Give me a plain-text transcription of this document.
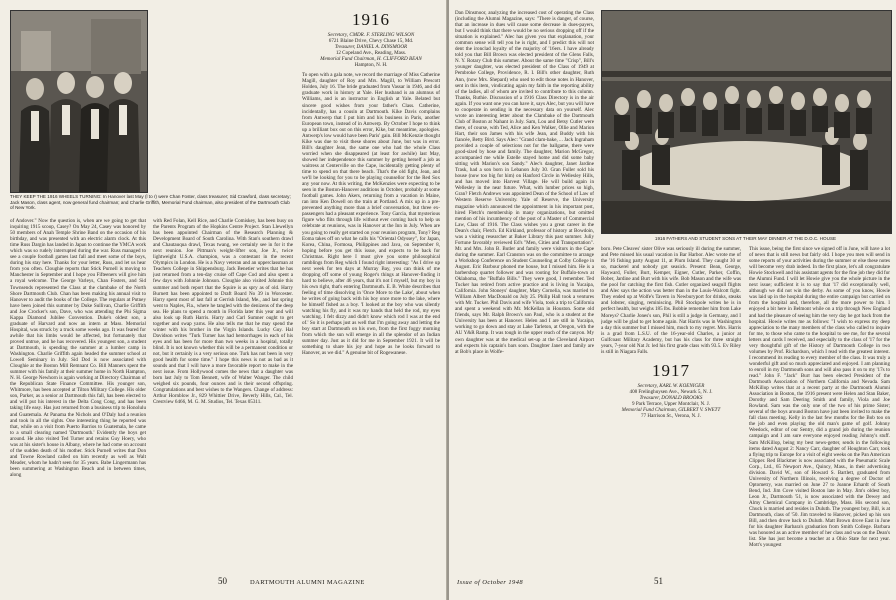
THEY KEEP THE 1916 WHEELS TURNING: In Hanover last May (l to r) were Chan Foster, class treasurer; Sid Crawford, class secretary; Jack Mason, class agent, now general fund chairman; and Charlie Griffith, Memorial Fund chairman, also president of the Dartmouth Club of New York.
of Andover." Now the question is, when are we going to get that inquiring 1915 scoop, Casey? On May 24, Casey was honored by 50 members of Anah Temple Shrine Band on the occasion of his birthday, and was presented with an electric alarm clock. At this time Russ Dargin has landed in Japan to continue the YMCA work which was so rudely interrupted during the war. Russ managed to see a couple football games last fall and meet some of the boys, during his stay here. Thanks for your letter, Russ, and let us hear from you often. Cloughie reports that Stick Purnell is moving to Manchester in September and I hope you Fifteeners will give him a royal welcome. The George Varleys, Chan Fosters, and Sid Townsends represented the Class at the clambake of the North Shore Dartmouth Club. Chan has been making his annual visit to Hanover to audit the books of the College. The regulars at Putney have been joined this summer by Duke Sullivan, Charlie Griffith and Joe Crocker's son, Dave, who was attending the Phi Sigma Kappa Diamond Jubilee Convention. Duke's oldest son, a graduate of Harvard and now an intern at Mass. Memorial Hospital, was struck by a truck some weeks ago. It was feared for awhile that his limbs would be affected, but fortunately that proved untrue, and he has recovered. His youngest son, a student at Dartmouth, is spending the summer at a lumber camp in Washington. Charlie Griffith again headed the summer school at Lowell Seminary in July. Sid Dod is now associated with Cloughie at the Boston Mill Remnant Co. Bill Manners spent the summer with his family at their summer home in North Hampton, N. H. George Newhorn is again working at Directory Chairman of the Republican State Finance Committee. His younger son, Whitmore, has been accepted at Tilton Military College. His older son, Parker, as a senior at Dartmouth this fall, has been elected to and will put his interest in the Delta Cong Cong, and has been taking life easy. Has just returned from a business trip to Honolulu and Guatemala. At Panama the Nichols and O'Daly had a reunion and took in all the sights. One interesting thing he reported was that, while on a visit from Puerto Barrios to Guatemala, he came to a small clearing named 'Dartmouth.' Evidently the boys get around. He also visited Ted Turner and retains Guy Hoery, who was at his sister's house in Albany, where he had come on account of the sudden death of his mother. Stick Purnell writes that Don and Towne Rowland called on him recently as well as Walt Meader, whom he hadn't seen for 35 years. Babe Lingermann has been summering at Washington Beach and in between times, along
with Red Folan, Kell Rice, and Charlie Comiskey, has been busy on the Parents Program of the Hopkins Centre Project. Stan Llewellyn has been appointed Chairman of the Research Planning & Development Board of South Carolina. With Stan's southern drawl and Chautauqua drawl, Texas twang, we certainly see in for it the next reunion. Joe Pittman's weight-lifter son, Joe Jr., twice lightweight U.S.A. champion, was a contestant in the recent Olympics in London. He is a Navy veteran and an upperclassman at Teachers College in Shippensburg. Jack Benetier writes that he has just returned from a ten-day cruise off Cape Cod and also spent a few days with Johnnie Johnson. Cloughie also visited Johnnie this summer and both report that the Squire is as spry as of old. Harry Burnett has been appointed to Draft Board No 39 in Worcester. Harry spent most of last fall at Gerrish Island, Me., and last spring went to Naples, Fla., where he tangled with the denizens of the deep sea. He plans to spend a month in Florida later this year and will also look up Ruth Harris. Harry and Carl Sumner ought to get together and swap yarns. He also tells me that he may spend the winter with his brother in the Virgin Islands. Lucky Guy. Hal Davidson writes "Turk Turner has had hemorrhages in each of his eyes and has been for more than two weeks in a hospital, totally blind. It is not known whether this will be a permanent condition or not, but it certainly is a very serious one. Turk has not been in very good health for some time." I hope this news is not as bad as it sounds and that I will have a more favorable report to make in the next issue. From Hollywood comes the news that a daughter was born last July to Tom Bennett, wife of Walter Wanger. The child weighed six pounds, four ounces and is their second offspring. Congratulations and best wishes to the Wangers. Change of address: Arthur Hornblow Jr., 829 Whittier Drive, Beverly Hills, Cal., Tel. Crestview 6466, M. G. M. Studios, Tel. Texas 05311.
1916
Secretary, CMDR. F. STERLING WILSON
6721 Blaine Drive, Chevy Chase 15, Md.
Treasurer, DANIEL A. DINSMOOR
12 Copeland Ave., Reading, Mass.
Memorial Fund Chairman, H. CLIFFORD BEAN
Hampton, N. H.
To open with a gala note, we record the marriage of Miss Catherine Magill, daughter of Roy and Mrs. Magill, to William Prescott Holden, July 16. The bride graduated from Vassar in 1946, and did graduate work in history at Yale. Her husband is an alumnus of Williams, and is an instructor in English at Yale. Belated but sincere good wishes from your father's Class. Catherine, incidentally, has a cousin at Dartmouth. Kike Davis complains from Antwerp that I put him and his business in Paris, another European town, instead of in Antwerp. By October I hope to think up a brilliant box out on this error, Kike, but meantime, apologies. Antwerp's low would have been Paris' gain. Bill McKenzie thought Kike was due to visit these shores about June, but was in error. Bill's daughter Jean, the same one who had the whole Class worried when she disappeared (at least for awhile) last May, showed her independence this summer by getting herself a job as waitress at Centerville on the Cape, incidentally getting plenty of time to spend on that there beach. That's the old fight, Jean, and we'll be looking for you to be playing counsellor for the Red Sox any year now. At this writing, the McKenzies were expecting to be seen in the Boston-Hanover auditions in October, probably at some football games. John Akers, returning from a vacation in Maine, ran into Ken Dowell on the train at Portland. A mix up in a pre-prevented anything more than a brief conversation, but three ex-passengers had a pleasant experience. Tony Garcia, that mysterious figure who flits through life without ever coming back to help us celebrate at reunions, was in Hanover at the Inn in July. When are you going to really get started on your reunion program, Tony? Reg Eoma takes off on what he calls his "Oriental Odyssey", for Japan, Korea, China, Formosa, Philippines and Java, on September 8, hoping before you get this issue, and expects to be back for Christmas. Right here I must give you some philosophical ramblings from Reg which I found right interesting: "As I drive up next week for ten days at Murray Bay, you can think of me dropping off some of young Roger's things at Hanover-finding it hard to believe, after 46 years, that it's not I myself, but my boy in his own right, that's entering Dartmouth. E. B. White describes that feeling of time dissolving in 'Once More to the Lake', about when he writes of going back with his boy once more to the lake, where he himself fished as a boy. 'I looked at the boy who was silently watching his fly, and it was my hands that held the rod, my eyes watching. I felt dizzy and didn't know which rod I was at the end of.' So it is perhaps just as well that I'm going away and letting the boy start at Dartmouth on his own, from the first foggy morning from which the sun will emerge in all the splendor of an Indian summer day. Just as it did for me in September 1921. It will be something to share his joy and hope as he looks forward to Hanover, as we did." A genuine bit of Rogewanese.
50	DARTMOUTH ALUMNI MAGAZINE
Dan Dinsmoor, analyzing the increased cost of operating the Class (including the Alumni Magazine, says: "There is danger, of course, that an increase in dues will cause some decrease in dues-payers, but I would think that there would be no serious dropping off if the situation is explained." Alec has given you that explanation, your common sense will tell you he is right, and I predict this will not dent the ironclad loyalty of the majority of '16ers. I have already told you that Bill Brown was elected president of the Glens Falls, N. Y. Rotary Club this summer. About the same time "Crisp", Bill's younger daughter, was elected president of the Class of 1949 at Pembroke College, Providence, R. I. Bill's other daughter, Ruth Ann, (now Mrs. Shepard) who used to edit those notes in Hanover, sent in this item, vindicating again my faith in the reporting ability of the ladies, all of whom are invited to contribute to this column. Thanks, Ruthie. Discussion of a 1916 Class Directory is in the air again. If you want one you can have it, says Alec, but you will have to cooperate in sending in the necessary data on yourself. Alec wrote an interesting letter about the Clambake of the Dartmouth Club of Boston at Nahant in July. Sam, Lou and Betsy Cutler were there, of course, with Ted, Alice and Ken Walker, Ollie and Marion Hart, their son James with his wife Jean, and Buddy with his fiancée, Betty Bird. Says Alec: "Grand clam-bake, ... Jack Ingraham provided a couple of selections not for the ballgame, there were good-sized by hose and family. The daughter, Marion McGregor, accompanied me while Estelle stayed home and did some baby sitting with Marion's son Sandy." Alec's daughter, Janet Jardine Trask, had a son born in Lebanon July 30. Gran Fuller sold his house (now too big for him) on Hanford Circle in Wellesley Hills, and has moved into Harvest Village. He will build again in Wellesley in the near future. What, with lumber prices so high, Gran? Fletch Andrews was appointed Dean of the School of Law of Western Reserve University. Yale of Reserve, the University magazine which announced the appointment in his important post, hired Fletch's membership in many organizations, but omitted mention of his incumbency of the post of a Master of Commercial Law, Class of 1916. The Class wishes you a great career in the Dean's chair, Fletch. Ed Kirkland, professor of history at Bowdoin, was a visiting researcher at Baker Library this past summer. Juliy Fortune favorably reviewed Ed's "Men, Cities and Transportation". Mr. and Mrs. John B. Butler and family were visitors in the Cape during the summer. Earl Cranston was on the committee to arrange a Workshop Conference on Student Counseling at Colby College in August. Eric Barbour phoned me house, but I missed him. He is a barbershop quartet follower and was rooting for Buffalo-town at Oklahoma, the "Buffalo Bills." They were good, I remember. Ted Tucker has retired from active practice and is living in Yucaipa, California. John Stoneys' daughter, Mary Cornelia, was married to William Albert MacDonald on July 25. Philip Hall took a ventures with Mr. Tucker. Phil Davis and wife Viola, took a trip to California and spent a weekend with Mr. McKellan in Houston. Some old friends, says Mr. Ralph Brown's son Paul, who is a student at the University has been at Hanover. Helen and I are still in Yucaipa, working to go down and stay at Lake Tarleton, at Oregon, with the AU Y&R Ramp. It was tough in the upper reach of the canyon. My own daughter was at the medical set-up at the Cleveland Airport and expects his captain's bars soon. Daughter Janet and family are at Bob's place in Wolfe-
1916 FATHERS AND STUDENT SONS AT THEIR MAY DINNER AT THE D.O.C. HOUSE
boro. Pete Cleaves' sister Olive was seriously ill during the summer, and Pete missed his usual vacation in Bar Harbor. Alec wrote me of the '16 fishing party August 11, at Plum Island. They caught 30 or so, mackerel and nobody got seasick. Present: Bean, George, Hayward, Fuller, Burt, Kemper, Eigner, Cutler, Parker, Coffin, Bober, Jardine and Burt with his wife. Bob Mason and the wife was the pool for catching the first fish. Cutler organized seagull flights and Alec says the action was better than in the Louis-Walcott fight. They ended up at Wolfe's Tavern in Newburyport for drinks, steaks and lobster, singing, reminiscing. Phil Stockpole writes he is in perfect health, but weighs 185 lbs. Bobbie remember him from Lake Moreys? Charlie Jones's son, Phil is still a judge in Germany, and I judge will be glad to get home again. Nat Harris was in Washington a day this summer but I missed him, much to my regret. Mrs. Harris is a grad from L.S.U. of the 16-year-old Charles, a junior at Gulfcoast Military Academy, but has his class for three straight years, 7-year old Nat Jr. led his first grade class with 93.5. Ev Riley is still in Niagara Falls.
1917
Secretary, KARL W. KOENIGER
408 Frelinghuysen Ave., Newark 5, N. J.
Treasurer, DONALD BROOKS
9 Park Terrace, Upper Montclair, N. J.
Memorial Fund Chairman, GILBERT V. SWETT
77 Harrison St., Verona, N. J.
This issue, being the first since we signed off in June, will have a lot of news that is still news but fairly old. I hope you men will send in some reports of your activities during the summer or else these notes will become very drab indeed. In the first place, let's all congratulate Howie Stockwell and his assistant agents for the fine job they did for the Alumni Fund. I will let Howie give you the whole picture in the next issue; sufficient it is to say that '17 did exceptionally well, although we did not win the derby. As some of you know, Howie was laid up in the hospital during the entire campaign but carried on from the hospital and, therefore, all the more power to him. I enjoyed a bit here in Belmont while on a trip through New England and had the pleasure of seeing him the very day he got back from the hospital. Howie writes me as follows: "I wish to express my deep appreciation to the many members of the class who called to inquire for me, to those who came to the hospital to see me, for the several letters and cards I received, and especially to the class of '17 for the very thoughtful gift of the History of Dartmouth College in two volumes by Prof. Richardson, which I read with the greatest interest. I recommend its reading to every member of the class. It was truly a wonderful gift and so much appreciated and enjoyed. I am planning to enroll in my Dartmouth sons and will also pass it on to my '17s to read." John F. "Jack" Burr has been elected President of the Dartmouth Association of Northern California and Nevada. Sam McKillop writes that at a recent party at the Dartmouth Alumni Association in Boston, the 1916 present were Helen and Stan Baker, Dorothy and Sam Deering Smith and family, Viola and Joe Rowland. Sam was the only one of the two of his prime Sister; several of the boys around Boston have just been invited to make the fall class meeting. Kelly in the last few months for the Bob too on the job and even playing the old man's game of golf. Johnny Weedock, editor of our Sentry, did a grand job during the reunion campaign and I am sure everyone enjoyed reading Johnny's stuff. Sam McKillop, being my best news-getter, sends in the following items dated August 2: Nancy Carr, daughter of Houghton Carr, took a flying trip to Europe for a visit of eight weeks on the Pan American Clipper. Red Blackmer is now associated with the Pneumatic Scale Corp., Ltd., 65 Newport Ave., Quincy, Mass., in their advertising division. David W., son of Howard S. Bartlett, graduated from University of Northern Illinois, receiving a degree of Doctor of Optometry, was married on June 27 to Joanne Erhardt of South Bend, Ind. Jim Cove visited Boston late in May. Jim's oldest boy, Leon Jr., Dartmouth '51, is now associated with the Dewey and Almy Chemical Company in Cambridge, Mass. His second son, Chuck is married and resides in Duluth. The youngest boy, Bill, is at Dartmouth, class of '50. Jim traveled to Hanover, picked up his son Bill, and then drove back to Duluth. Matt Brown drove East in June for his daughter Barbara's graduation from Smith College. Barbara was honored as an active member of her class and was on the Dean's list. She has just become a teacher at a Ohio State for next year. Mott's youngest
Issue of October 1948	51
